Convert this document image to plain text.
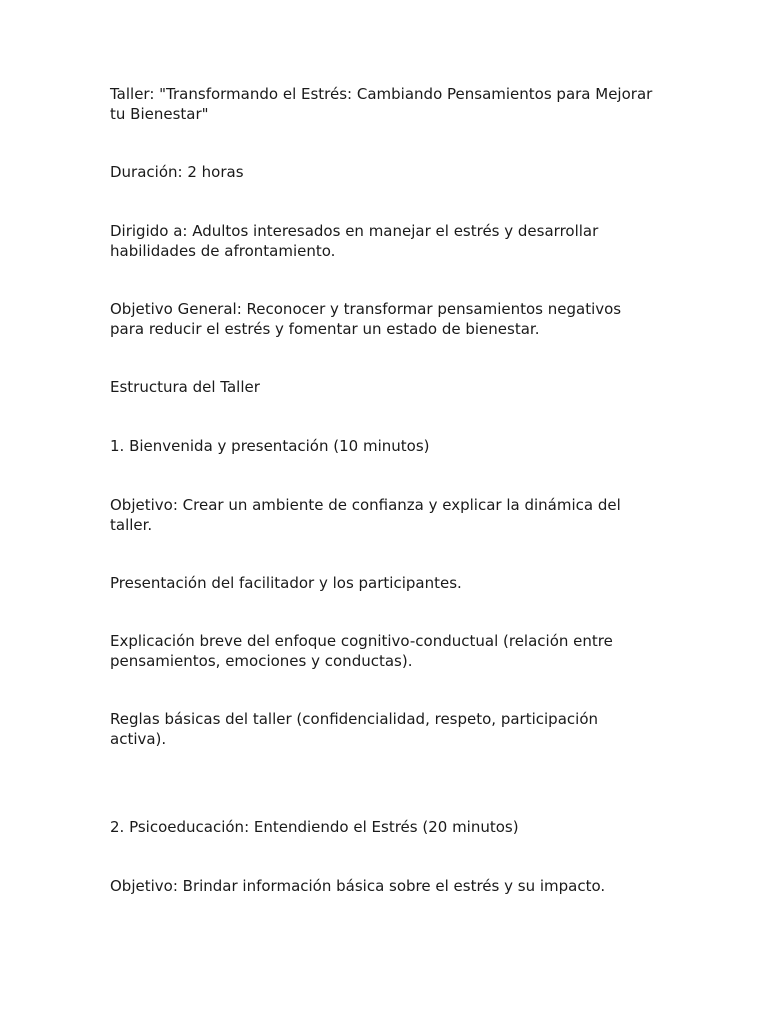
Taller: "Transformando el Estrés: Cambiando Pensamientos para Mejorar tu Bienestar"

Duración: 2 horas

Dirigido a: Adultos interesados en manejar el estrés y desarrollar habilidades de afrontamiento.

Objetivo General: Reconocer y transformar pensamientos negativos para reducir el estrés y fomentar un estado de bienestar.

Estructura del Taller

1. Bienvenida y presentación (10 minutos)

Objetivo: Crear un ambiente de confianza y explicar la dinámica del taller.

Presentación del facilitador y los participantes.

Explicación breve del enfoque cognitivo-conductual (relación entre pensamientos, emociones y conductas).

Reglas básicas del taller (confidencialidad, respeto, participación activa).

2. Psicoeducación: Entendiendo el Estrés (20 minutos)

Objetivo: Brindar información básica sobre el estrés y su impacto.
